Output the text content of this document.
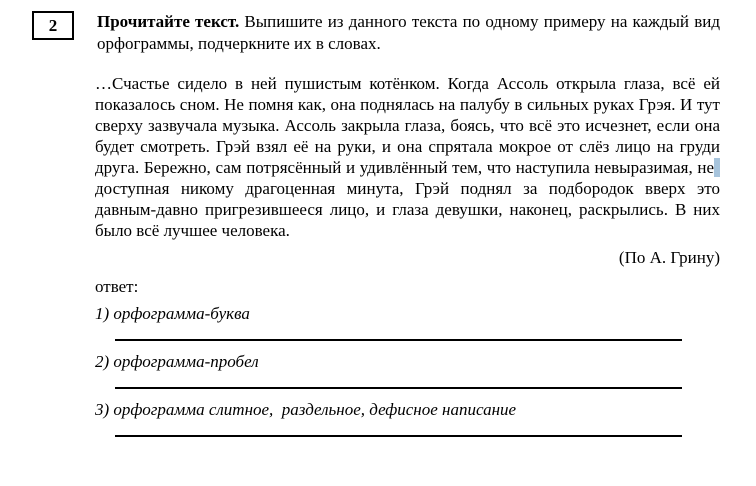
2 Прочитайте текст. Выпишите из данного текста по одному примеру на каждый вид орфограммы, подчеркните их в словах.

…Счастье сидело в ней пушистым котёнком. Когда Ассоль открыла глаза, всё ей показалось сном. Не помня как, она поднялась на палубу в сильных руках Грэя. И тут сверху зазвучала музыка. Ассоль закрыла глаза, боясь, что всё это исчезнет, если она будет смотреть. Грэй взял её на руки, и она спрятала мокрое от слёз лицо на груди друга. Бережно, сам потрясённый и удивлённый тем, что наступила невыразимая, не доступная никому драгоценная минута, Грэй поднял за подбородок вверх это давным-давно пригрезившееся лицо, и глаза девушки, наконец, раскрылись. В них было всё лучшее человека.

(По А. Грину)

ответ:

1) орфограмма-буква

2) орфограмма-пробел

3) орфограмма слитное,  раздельное, дефисное написание
